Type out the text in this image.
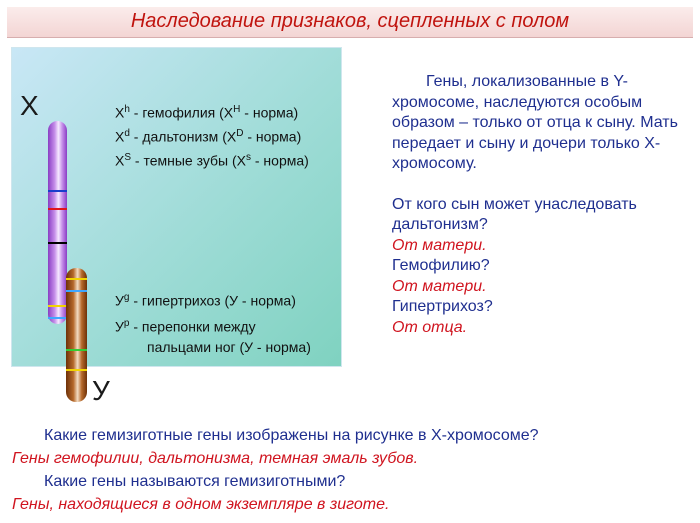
Наследование признаков, сцепленных с полом
X
У
$X^h$ - гемофилия ($X^H$ - норма)
$X^d$ - дальтонизм ($X^D$ - норма)
$X^S$ - темные зубы ($X^s$ - норма)
$У^g$ - гипертрихоз (У - норма)
$У^p$ - перепонки между
пальцами ног (У - норма)

Гены, локализованные в Y-хромосоме, наследуются особым образом – только от отца к сыну. Мать передает и сыну и дочери только X-хромосому.

От кого сын может унаследовать дальтонизм?

От матери.

Гемофилию?

От матери.

Гипертрихоз?

От отца.

Какие гемизиготные гены изображены на рисунке в X-хромосоме?

Гены гемофилии, дальтонизма, темная эмаль зубов.

Какие гены называются гемизиготными?

Гены, находящиеся в одном экземпляре в зиготе.
